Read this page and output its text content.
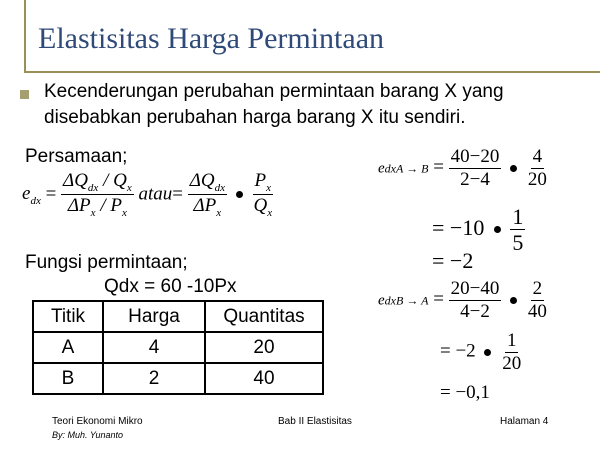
Elastisitas Harga Permintaan
Kecenderungan perubahan permintaan barang X yang
disebabkan perubahan harga barang X itu sendiri.
Persamaan;
$e_{dx} = \frac{\Delta Q_{dx} / Q_x}{\Delta P_x / P_x}$ atau= $\frac{\Delta Q_{dx}}{\Delta P_x}$
$\frac{P_x}{Q_x}$
Fungsi permintaan;
Qdx = 60 -10Px
Titik	Harga	Quantitas
A	4	20
B	2	40
edxA → $B = \frac{40-20}{2-4}$
$\frac{4}{20}$
= $-10 \frac{1}{5}$
= −2
edxB → $A = \frac{20-40}{4-2}$
$\frac{2}{40}$
= $-2 \frac{1}{20}$
= −0,1
Teori Ekonomi Mikro
By: Muh. Yunanto
Bab II Elastisitas	Halaman 4
